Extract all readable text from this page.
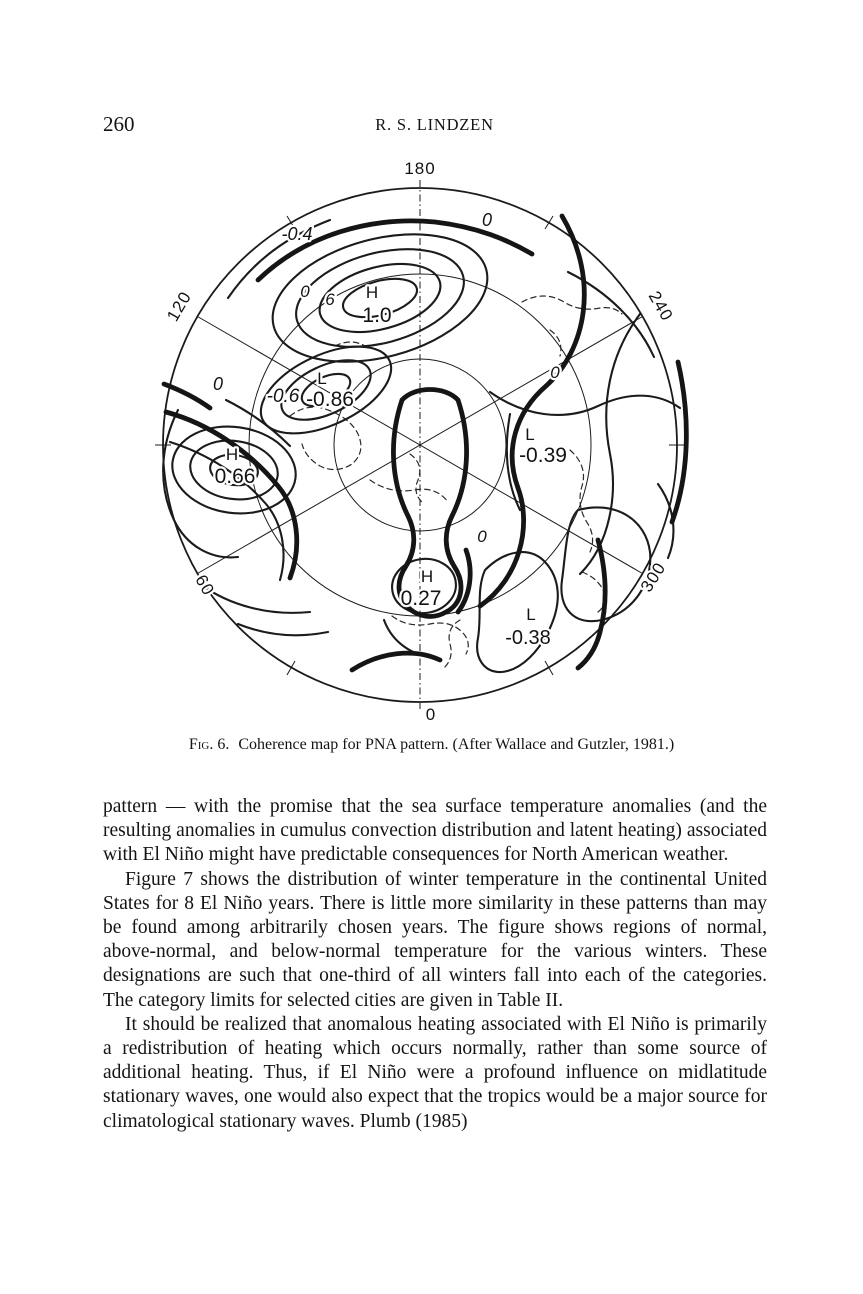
260	R. S. LINDZEN
180
120	240
60	300
0
-0.4
0
0 6 H
1.0
L
-0.6 -0.86
0
0
L
-0.39
H
0.66
0
H
0.27
L
-0.38
Fig. 6. Coherence map for PNA pattern. (After Wallace and Gutzler, 1981.)

pattern — with the promise that the sea surface temperature anomalies (and the resulting anomalies in cumulus convection distribution and latent heating) associated with El Niño might have predictable consequences for North American weather.

Figure 7 shows the distribution of winter temperature in the continental United States for 8 El Niño years. There is little more similarity in these patterns than may be found among arbitrarily chosen years. The figure shows regions of normal, above-normal, and below-normal temperature for the various winters. These designations are such that one-third of all winters fall into each of the categories. The category limits for selected cities are given in Table II.

It should be realized that anomalous heating associated with El Niño is primarily a redistribution of heating which occurs normally, rather than some source of additional heating. Thus, if El Niño were a profound influence on midlatitude stationary waves, one would also expect that the tropics would be a major source for climatological stationary waves. Plumb (1985)
